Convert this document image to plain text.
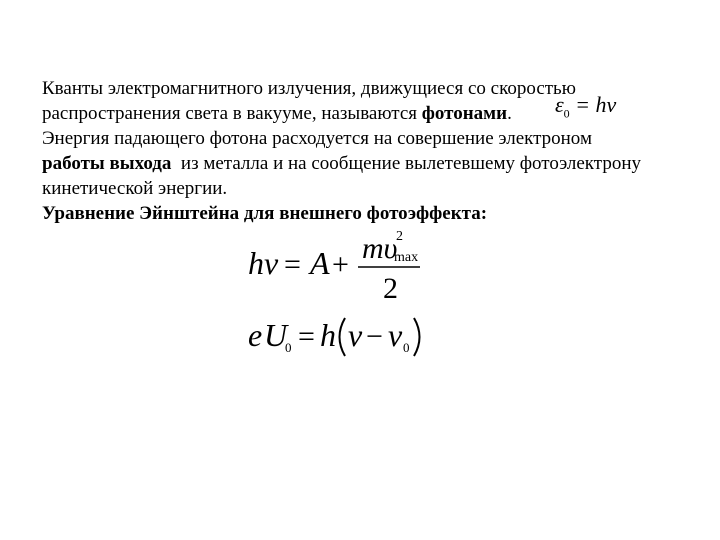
Кванты электромагнитного излучения, движущиеся со скоростью
распространения света в вакууме, называются фотонами.
Энергия падающего фотона расходуется на совершение электроном
работы выхода  из металла и на сообщение вылетевшему фотоэлектрону
кинетической энергии.
Уравнение Эйнштейна для внешнего фотоэффекта:
$\varepsilon_0 = h\nu$
hν = A + mυ
2
max
2
e U
0 = h ν − ν 0
